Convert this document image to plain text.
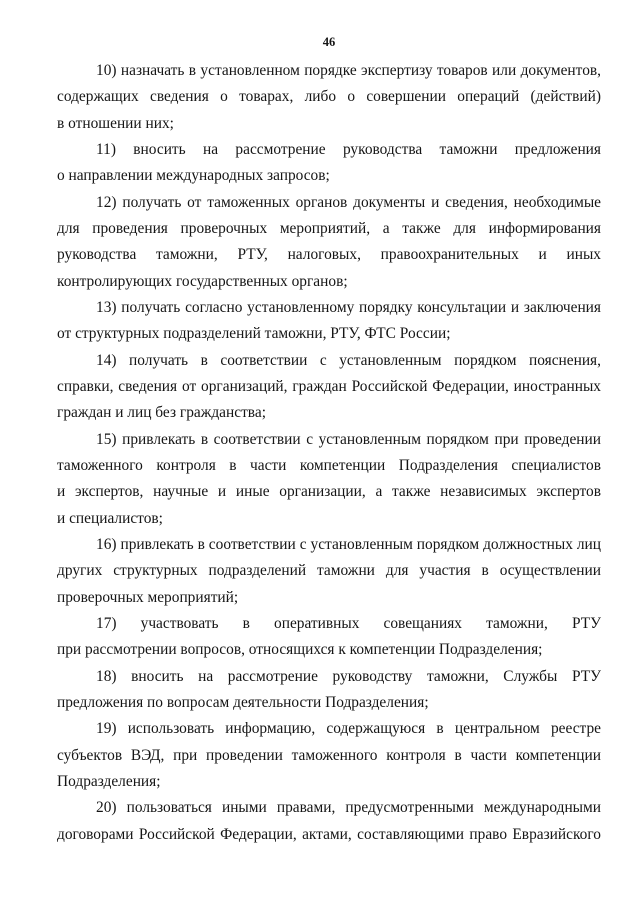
46
10) назначать в установленном порядке экспертизу товаров или документов,
содержащих сведения о товарах, либо о совершении операций (действий)
в отношении них;
11) вносить на рассмотрение руководства таможни предложения
о направлении международных запросов;
12) получать от таможенных органов документы и сведения, необходимые
для проведения проверочных мероприятий, а также для информирования
руководства таможни, РТУ, налоговых, правоохранительных и иных
контролирующих государственных органов;
13) получать согласно установленному порядку консультации и заключения
от структурных подразделений таможни, РТУ, ФТС России;
14) получать в соответствии с установленным порядком пояснения,
справки, сведения от организаций, граждан Российской Федерации, иностранных
граждан и лиц без гражданства;
15) привлекать в соответствии с установленным порядком при проведении
таможенного контроля в части компетенции Подразделения специалистов
и экспертов, научные и иные организации, а также независимых экспертов
и специалистов;
16) привлекать в соответствии с установленным порядком должностных лиц
других структурных подразделений таможни для участия в осуществлении
проверочных мероприятий;
17) участвовать в оперативных совещаниях таможни, РТУ
при рассмотрении вопросов, относящихся к компетенции Подразделения;
18) вносить на рассмотрение руководству таможни, Службы РТУ
предложения по вопросам деятельности Подразделения;
19) использовать информацию, содержащуюся в центральном реестре
субъектов ВЭД, при проведении таможенного контроля в части компетенции
Подразделения;
20) пользоваться иными правами, предусмотренными международными
договорами Российской Федерации, актами, составляющими право Евразийского
